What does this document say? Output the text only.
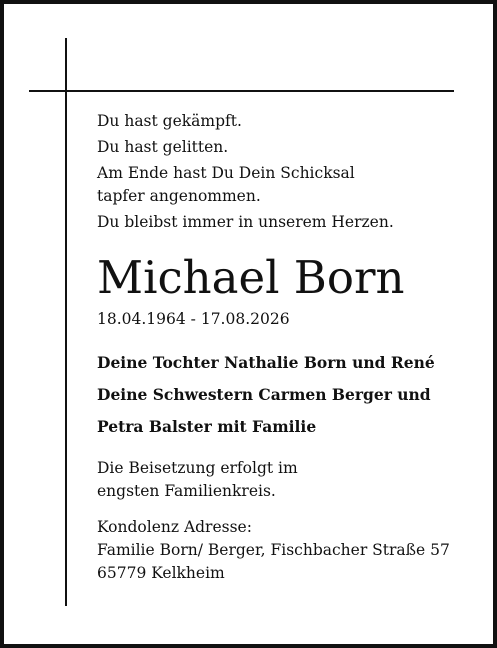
Du hast gekämpft.

Du hast gelitten.

Am Ende hast Du Dein Schicksal

tapfer angenommen.

Du bleibst immer in unserem Herzen.

Michael Born
18.04.1964 - 17.08.2026
Deine Tochter Nathalie Born und René
Deine Schwestern Carmen Berger und
Petra Balster mit Familie
Die Beisetzung erfolgt im
engsten Familienkreis.
Kondolenz Adresse:
Familie Born/ Berger, Fischbacher Straße 57
65779 Kelkheim
